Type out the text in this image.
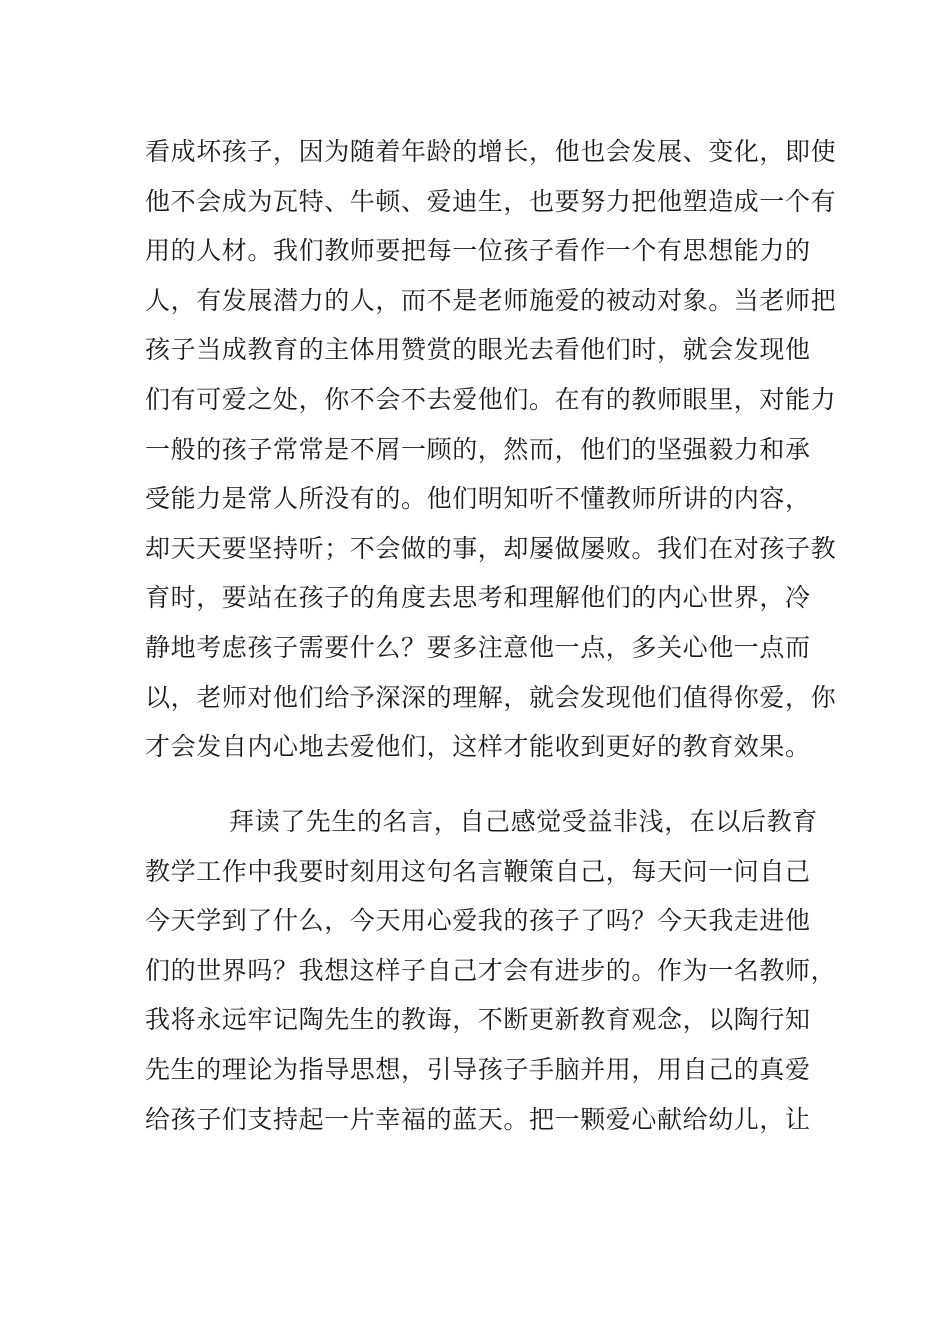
看成坏孩子，因为随着年龄的增长，他也会发展、变化，即使
他不会成为瓦特、牛顿、爱迪生，也要努力把他塑造成一个有
用的人材。我们教师要把每一位孩子看作一个有思想能力的
人，有发展潜力的人，而不是老师施爱的被动对象。当老师把
孩子当成教育的主体用赞赏的眼光去看他们时，就会发现他
们有可爱之处，你不会不去爱他们。在有的教师眼里，对能力
一般的孩子常常是不屑一顾的，然而，他们的坚强毅力和承
受能力是常人所没有的。他们明知听不懂教师所讲的内容，
却天天要坚持听；不会做的事，却屡做屡败。我们在对孩子教
育时，要站在孩子的角度去思考和理解他们的内心世界，冷
静地考虑孩子需要什么？要多注意他一点，多关心他一点而
以，老师对他们给予深深的理解，就会发现他们值得你爱，你
才会发自内心地去爱他们，这样才能收到更好的教育效果。
拜读了先生的名言，自己感觉受益非浅，在以后教育
教学工作中我要时刻用这句名言鞭策自己，每天问一问自己
今天学到了什么，今天用心爱我的孩子了吗？今天我走进他
们的世界吗？我想这样子自己才会有进步的。作为一名教师，
我将永远牢记陶先生的教诲，不断更新教育观念，以陶行知
先生的理论为指导思想，引导孩子手脑并用，用自己的真爱
给孩子们支持起一片幸福的蓝天。把一颗爱心献给幼儿，让
